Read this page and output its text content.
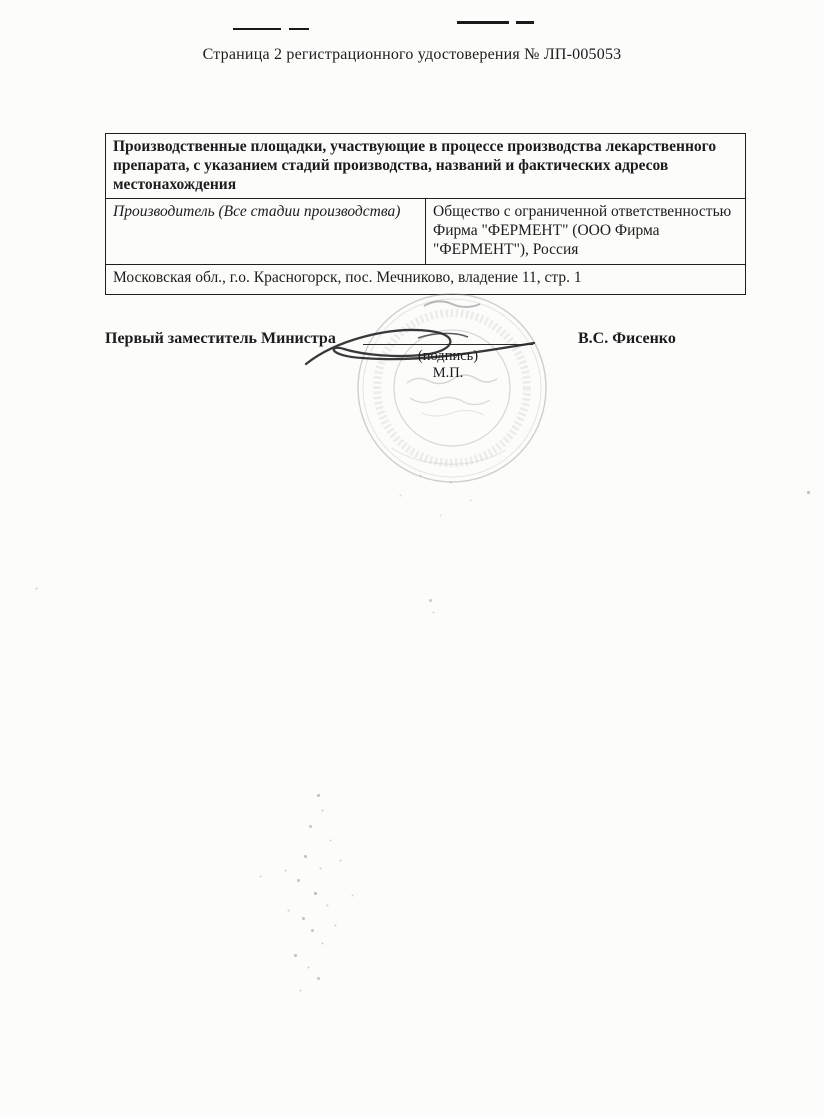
Страница 2 регистрационного удостоверения № ЛП-005053
Производственные площадки, участвующие в процессе производства лекарственного препарата, с указанием стадий производства, названий и фактических адресов местонахождения
Производитель (Все стадии производства)	Общество с ограниченной ответственностью Фирма "ФЕРМЕНТ" (ООО Фирма "ФЕРМЕНТ"), Россия
Московская обл., г.о. Красногорск, пос. Мечниково, владение 11, стр. 1
Первый заместитель Министра
(подпись)
М.П.
В.С. Фисенко
